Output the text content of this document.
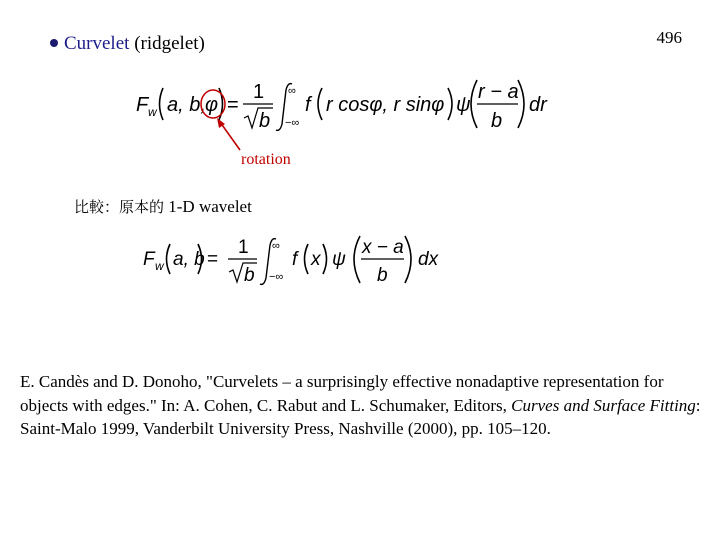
496
Curvelet (ridgelet)
F w a, b, φ =
1
b
∞
−∞
f r cosφ, r sinφ ψ
r − a
b
dr
rotation
比較：原本的 1-D wavelet
F w a, b =
1
b
∞
−∞
f x ψ
x − a
b
dx
E. Candès and D. Donoho, "Curvelets – a surprisingly effective nonadaptive representation for objects with edges." In: A. Cohen, C. Rabut and L. Schumaker, Editors, Curves and Surface Fitting: Saint-Malo 1999, Vanderbilt University Press, Nashville (2000), pp. 105–120.
